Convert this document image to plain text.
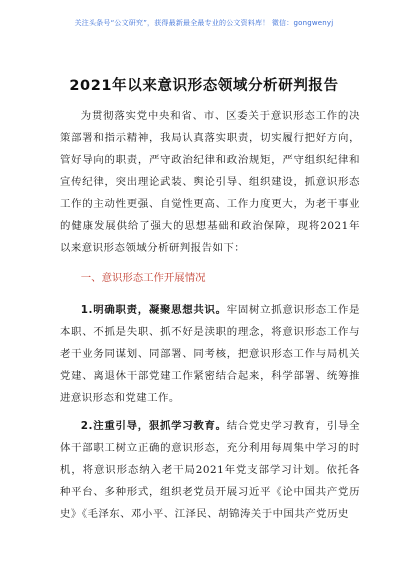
关注头条号“公文研究”，获得最新最全最专业的公文资料库！ 微信：gongwenyj
2021年以来意识形态领域分析研判报告

为贯彻落实党中央和省、市、区委关于意识形态工作的决策部署和指示精神，我局认真落实职责，切实履行把好方向，管好导向的职责，严守政治纪律和政治规矩，严守组织纪律和宣传纪律，突出理论武装、舆论引导、组织建设，抓意识形态工作的主动性更强、自觉性更高、工作力度更大，为老干事业的健康发展供给了强大的思想基础和政治保障，现将2021年以来意识形态领域分析研判报告如下：

一、意识形态工作开展情况

1.明确职责，凝聚思想共识。牢固树立抓意识形态工作是本职、不抓是失职、抓不好是渎职的理念，将意识形态工作与老干业务同谋划、同部署、同考核，把意识形态工作与局机关党建、离退休干部党建工作紧密结合起来，科学部署、统筹推进意识形态和党建工作。

2.注重引导，狠抓学习教育。结合党史学习教育，引导全体干部职工树立正确的意识形态，充分利用每周集中学习的时机，将意识形态纳入老干局2021年党支部学习计划。依托各种平台、多种形式，组织老党员开展习近平《论中国共产党历史》《毛泽东、邓小平、江泽民、胡锦涛关于中国共产党历史
